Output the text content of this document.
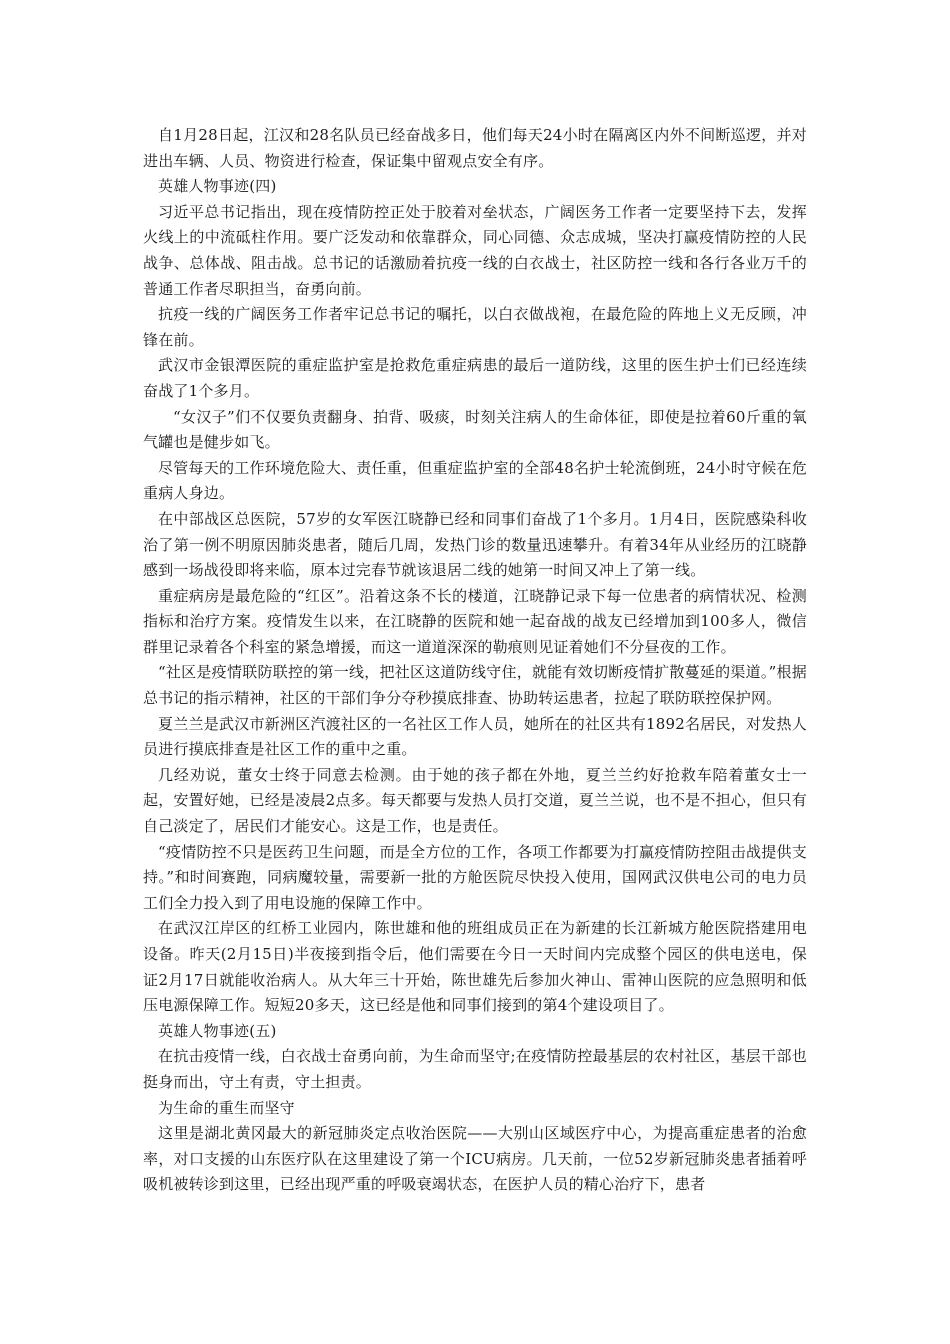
自1月28日起，江汉和28名队员已经奋战多日，他们每天24小时在隔离区内外不间断巡逻，并对进出车辆、人员、物资进行检查，保证集中留观点安全有序。

英雄人物事迹(四)

习近平总书记指出，现在疫情防控正处于胶着对垒状态，广阔医务工作者一定要坚持下去，发挥火线上的中流砥柱作用。要广泛发动和依靠群众，同心同德、众志成城，坚决打赢疫情防控的人民战争、总体战、阻击战。总书记的话激励着抗疫一线的白衣战士，社区防控一线和各行各业万千的普通工作者尽职担当，奋勇向前。

抗疫一线的广阔医务工作者牢记总书记的嘱托，以白衣做战袍，在最危险的阵地上义无反顾，冲锋在前。

武汉市金银潭医院的重症监护室是抢救危重症病患的最后一道防线，这里的医生护士们已经连续奋战了1个多月。

“女汉子”们不仅要负责翻身、拍背、吸痰，时刻关注病人的生命体征，即使是拉着60斤重的氧气罐也是健步如飞。

尽管每天的工作环境危险大、责任重，但重症监护室的全部48名护士轮流倒班，24小时守候在危重病人身边。

在中部战区总医院，57岁的女军医江晓静已经和同事们奋战了1个多月。1月4日，医院感染科收治了第一例不明原因肺炎患者，随后几周，发热门诊的数量迅速攀升。有着34年从业经历的江晓静感到一场战役即将来临，原本过完春节就该退居二线的她第一时间又冲上了第一线。

重症病房是最危险的“红区”。沿着这条不长的楼道，江晓静记录下每一位患者的病情状况、检测指标和治疗方案。疫情发生以来，在江晓静的医院和她一起奋战的战友已经增加到100多人，微信群里记录着各个科室的紧急增援，而这一道道深深的勒痕则见证着她们不分昼夜的工作。

“社区是疫情联防联控的第一线，把社区这道防线守住，就能有效切断疫情扩散蔓延的渠道。”根据总书记的指示精神，社区的干部们争分夺秒摸底排查、协助转运患者，拉起了联防联控保护网。

夏兰兰是武汉市新洲区汽渡社区的一名社区工作人员，她所在的社区共有1892名居民，对发热人员进行摸底排查是社区工作的重中之重。

几经劝说，董女士终于同意去检测。由于她的孩子都在外地，夏兰兰约好抢救车陪着董女士一起，安置好她，已经是凌晨2点多。每天都要与发热人员打交道，夏兰兰说，也不是不担心，但只有自己淡定了，居民们才能安心。这是工作，也是责任。

“疫情防控不只是医药卫生问题，而是全方位的工作，各项工作都要为打赢疫情防控阻击战提供支持。”和时间赛跑，同病魔较量，需要新一批的方舱医院尽快投入使用，国网武汉供电公司的电力员工们全力投入到了用电设施的保障工作中。

在武汉江岸区的红桥工业园内，陈世雄和他的班组成员正在为新建的长江新城方舱医院搭建用电设备。昨天(2月15日)半夜接到指令后，他们需要在今日一天时间内完成整个园区的供电送电，保证2月17日就能收治病人。从大年三十开始，陈世雄先后参加火神山、雷神山医院的应急照明和低压电源保障工作。短短20多天，这已经是他和同事们接到的第4个建设项目了。

英雄人物事迹(五)

在抗击疫情一线，白衣战士奋勇向前，为生命而坚守;在疫情防控最基层的农村社区，基层干部也挺身而出，守土有责，守土担责。

为生命的重生而坚守

这里是湖北黄冈最大的新冠肺炎定点收治医院——大别山区域医疗中心，为提高重症患者的治愈率，对口支援的山东医疗队在这里建设了第一个ICU病房。几天前，一位52岁新冠肺炎患者插着呼吸机被转诊到这里，已经出现严重的呼吸衰竭状态，在医护人员的精心治疗下，患者
